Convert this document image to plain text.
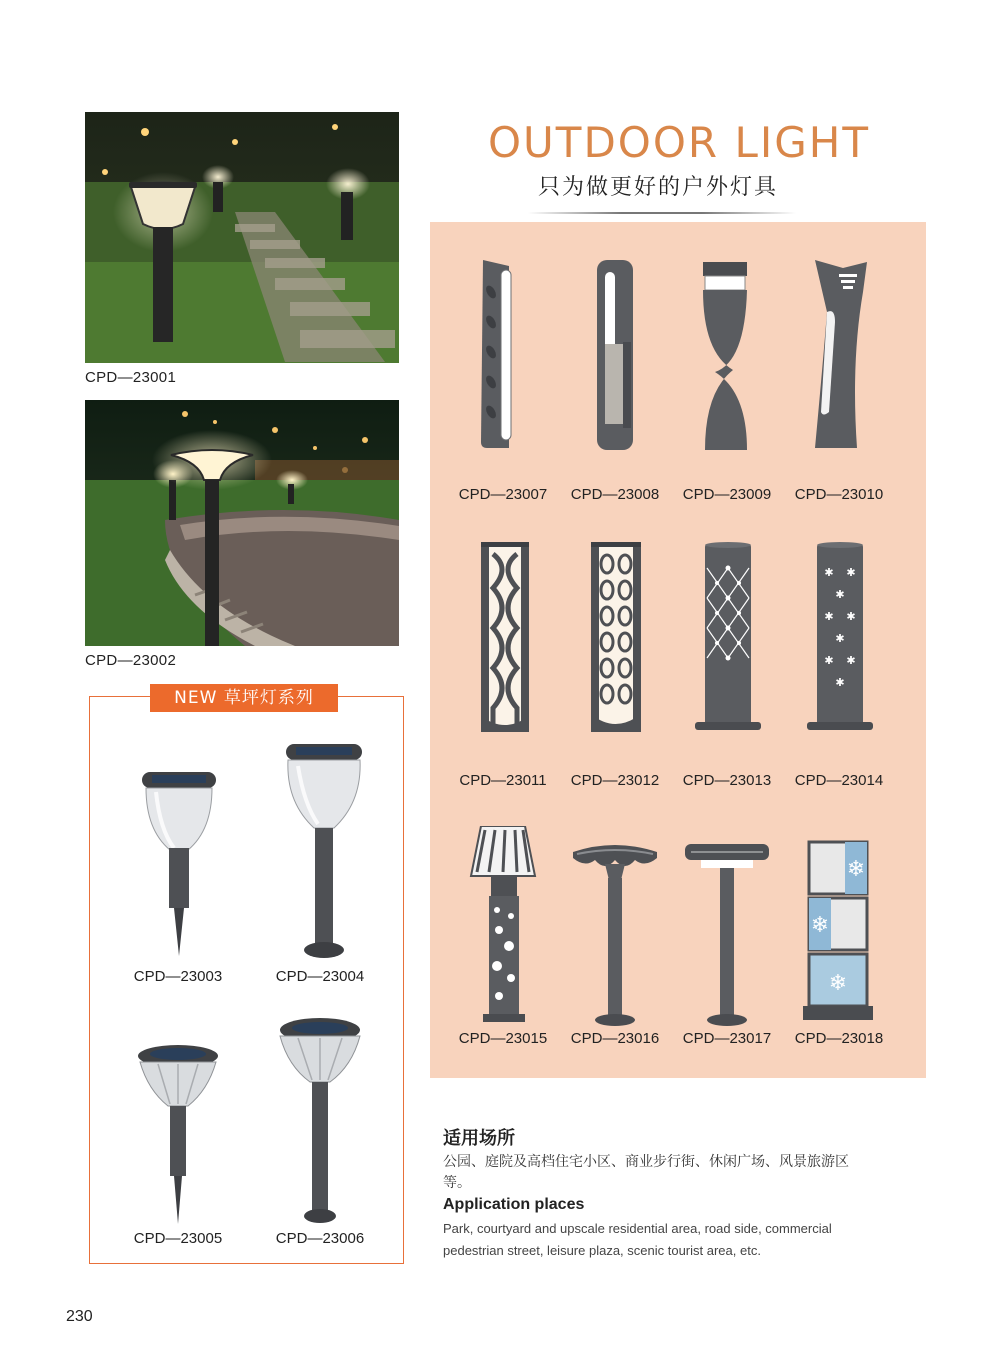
CPD—23001
CPD—23002
OUTDOOR LIGHT
只为做更好的户外灯具
CPD—23007	CPD—23008	CPD—23009	CPD—23010
CPD—23011	CPD—23012	CPD—23013
✱ ✱
✱
✱ ✱
✱
✱ ✱
✱
CPD—23014
CPD—23015	CPD—23016	CPD—23017
❄
❄
❄
CPD—23018
NEW 草坪灯系列
CPD—23003	CPD—23004
CPD—23005	CPD—23006
适用场所
公园、庭院及高档住宅小区、商业步行街、休闲广场、风景旅游区等。
Application places
Park, courtyard and upscale residential area, road side, commercial pedestrian street, leisure plaza, scenic tourist area, etc.
230
